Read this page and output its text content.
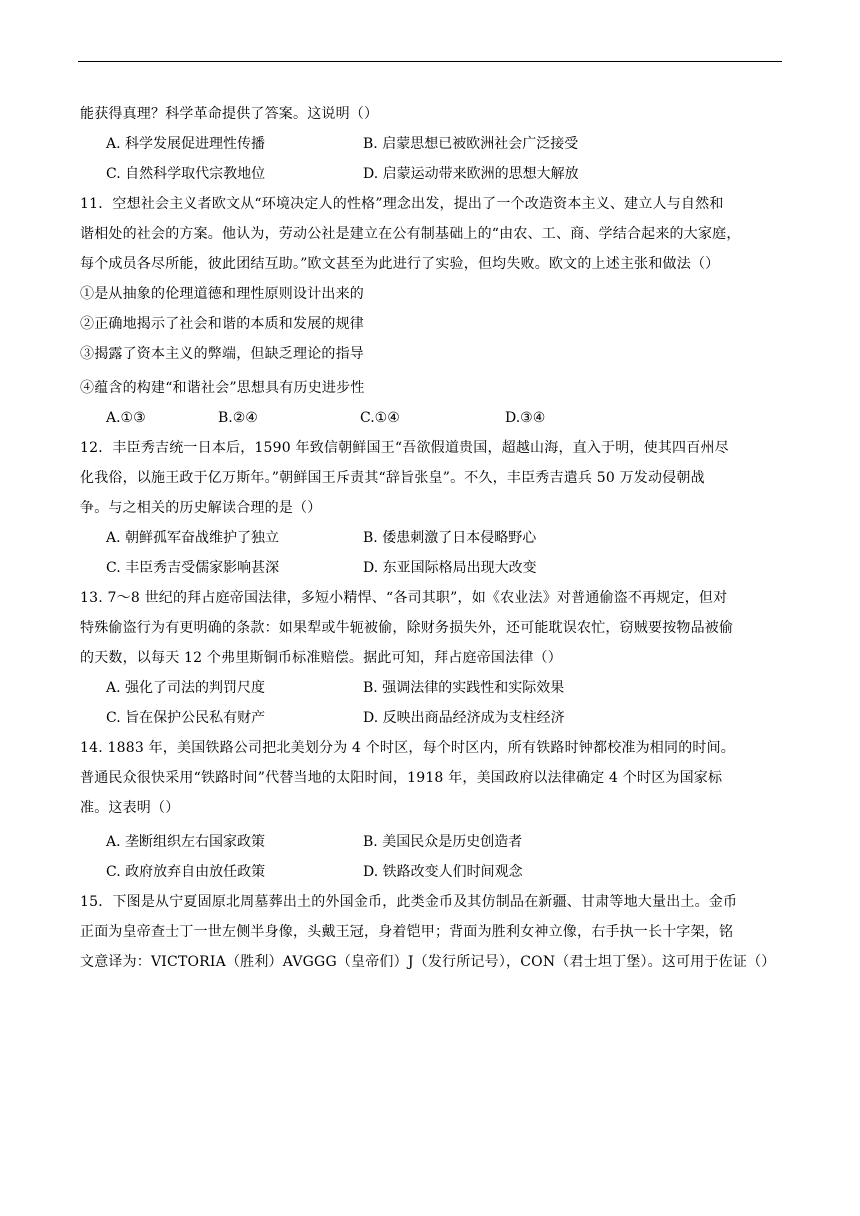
能获得真理？科学革命提供了答案。这说明（）
A. 科学发展促进理性传播	B. 启蒙思想已被欧洲社会广泛接受
C. 自然科学取代宗教地位	D. 启蒙运动带来欧洲的思想大解放
11．空想社会主义者欧文从“环境决定人的性格”理念出发，提出了一个改造资本主义、建立人与自然和
谐相处的社会的方案。他认为，劳动公社是建立在公有制基础上的“由农、工、商、学结合起来的大家庭，
每个成员各尽所能，彼此团结互助。”欧文甚至为此进行了实验，但均失败。欧文的上述主张和做法（）
①是从抽象的伦理道德和理性原则设计出来的
②正确地揭示了社会和谐的本质和发展的规律
③揭露了资本主义的弊端，但缺乏理论的指导
④蕴含的构建“和谐社会”思想具有历史进步性
A.①③	B.②④	C.①④	D.③④
12．丰臣秀吉统一日本后，1590 年致信朝鲜国王“吾欲假道贵国，超越山海，直入于明，使其四百州尽
化我俗，以施王政于亿万斯年。”朝鲜国王斥责其“辞旨张皇”。不久，丰臣秀吉遣兵 50 万发动侵朝战
争。与之相关的历史解读合理的是（）
A. 朝鲜孤军奋战维护了独立	B. 倭患刺激了日本侵略野心
C. 丰臣秀吉受儒家影响甚深	D. 东亚国际格局出现大改变
13. 7～8 世纪的拜占庭帝国法律，多短小精悍、“各司其职”，如《农业法》对普通偷盗不再规定，但对
特殊偷盗行为有更明确的条款：如果犁或牛轭被偷，除财务损失外，还可能耽误农忙，窃贼要按物品被偷
的天数，以每天 12 个弗里斯铜币标准赔偿。据此可知，拜占庭帝国法律（）
A. 强化了司法的判罚尺度	B. 强调法律的实践性和实际效果
C. 旨在保护公民私有财产	D. 反映出商品经济成为支柱经济
14. 1883 年，美国铁路公司把北美划分为 4 个时区，每个时区内，所有铁路时钟都校准为相同的时间。
普通民众很快采用“铁路时间”代替当地的太阳时间，1918 年，美国政府以法律确定 4 个时区为国家标
准。这表明（）
A. 垄断组织左右国家政策	B. 美国民众是历史创造者
C. 政府放弃自由放任政策	D. 铁路改变人们时间观念
15．下图是从宁夏固原北周墓葬出土的外国金币，此类金币及其仿制品在新疆、甘肃等地大量出土。金币
正面为皇帝查士丁一世左侧半身像，头戴王冠，身着铠甲；背面为胜利女神立像，右手执一长十字架，铭
文意译为：VICTORIA（胜利）AVGGG（皇帝们）J（发行所记号），CON（君士坦丁堡）。这可用于佐证（）
